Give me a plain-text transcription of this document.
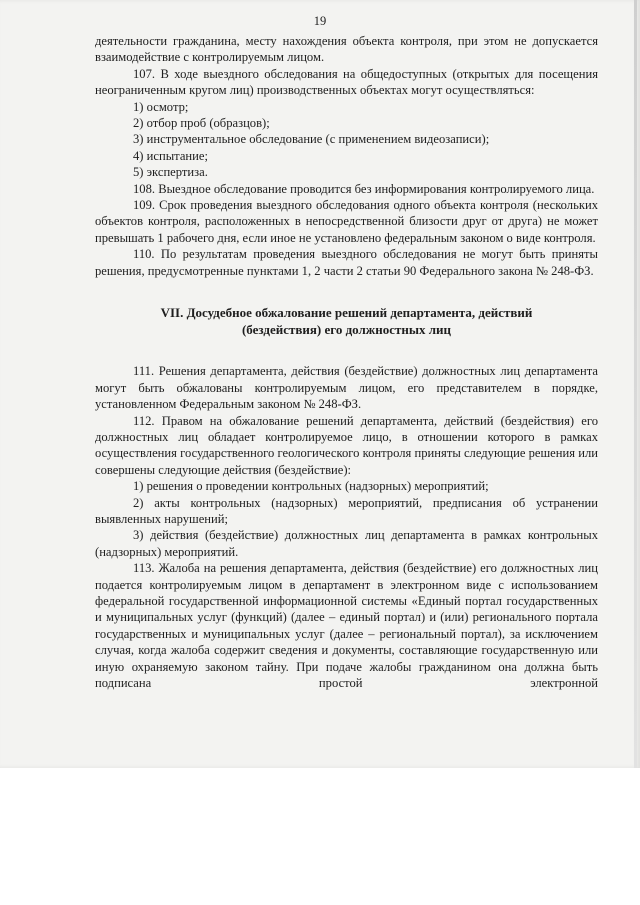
19

деятельности гражданина, месту нахождения объекта контроля, при этом не допускается взаимодействие с контролируемым лицом.

107. В ходе выездного обследования на общедоступных (открытых для посещения неограниченным кругом лиц) производственных объектах могут осуществляться:

1) осмотр;

2) отбор проб (образцов);

3) инструментальное обследование (с применением видеозаписи);

4) испытание;

5) экспертиза.

108. Выездное обследование проводится без информирования контролируемого лица.

109. Срок проведения выездного обследования одного объекта контроля (нескольких объектов контроля, расположенных в непосредственной близости друг от друга) не может превышать 1 рабочего дня, если иное не установлено федеральным законом о виде контроля.

110. По результатам проведения выездного обследования не могут быть приняты решения, предусмотренные пунктами 1, 2 части 2 статьи 90 Федерального закона № 248-ФЗ.

VII. Досудебное обжалование решений департамента, действий
(бездействия) его должностных лиц

111. Решения департамента, действия (бездействие) должностных лиц департамента могут быть обжалованы контролируемым лицом, его представителем в порядке, установленном Федеральным законом № 248-ФЗ.

112. Правом на обжалование решений департамента, действий (бездействия) его должностных лиц обладает контролируемое лицо, в отношении которого в рамках осуществления государственного геологического контроля приняты следующие решения или совершены следующие действия (бездействие):

1) решения о проведении контрольных (надзорных) мероприятий;

2) акты контрольных (надзорных) мероприятий, предписания об устранении выявленных нарушений;

3) действия (бездействие) должностных лиц департамента в рамках контрольных (надзорных) мероприятий.

113. Жалоба на решения департамента, действия (бездействие) его должностных лиц подается контролируемым лицом в департамент в электронном виде с использованием федеральной государственной информационной системы «Единый портал государственных и муниципальных услуг (функций) (далее – единый портал) и (или) регионального портала государственных и муниципальных услуг (далее – региональный портал), за исключением случая, когда жалоба содержит сведения и документы, составляющие государственную или иную охраняемую законом тайну. При подаче жалобы гражданином она должна быть подписана простой электронной
